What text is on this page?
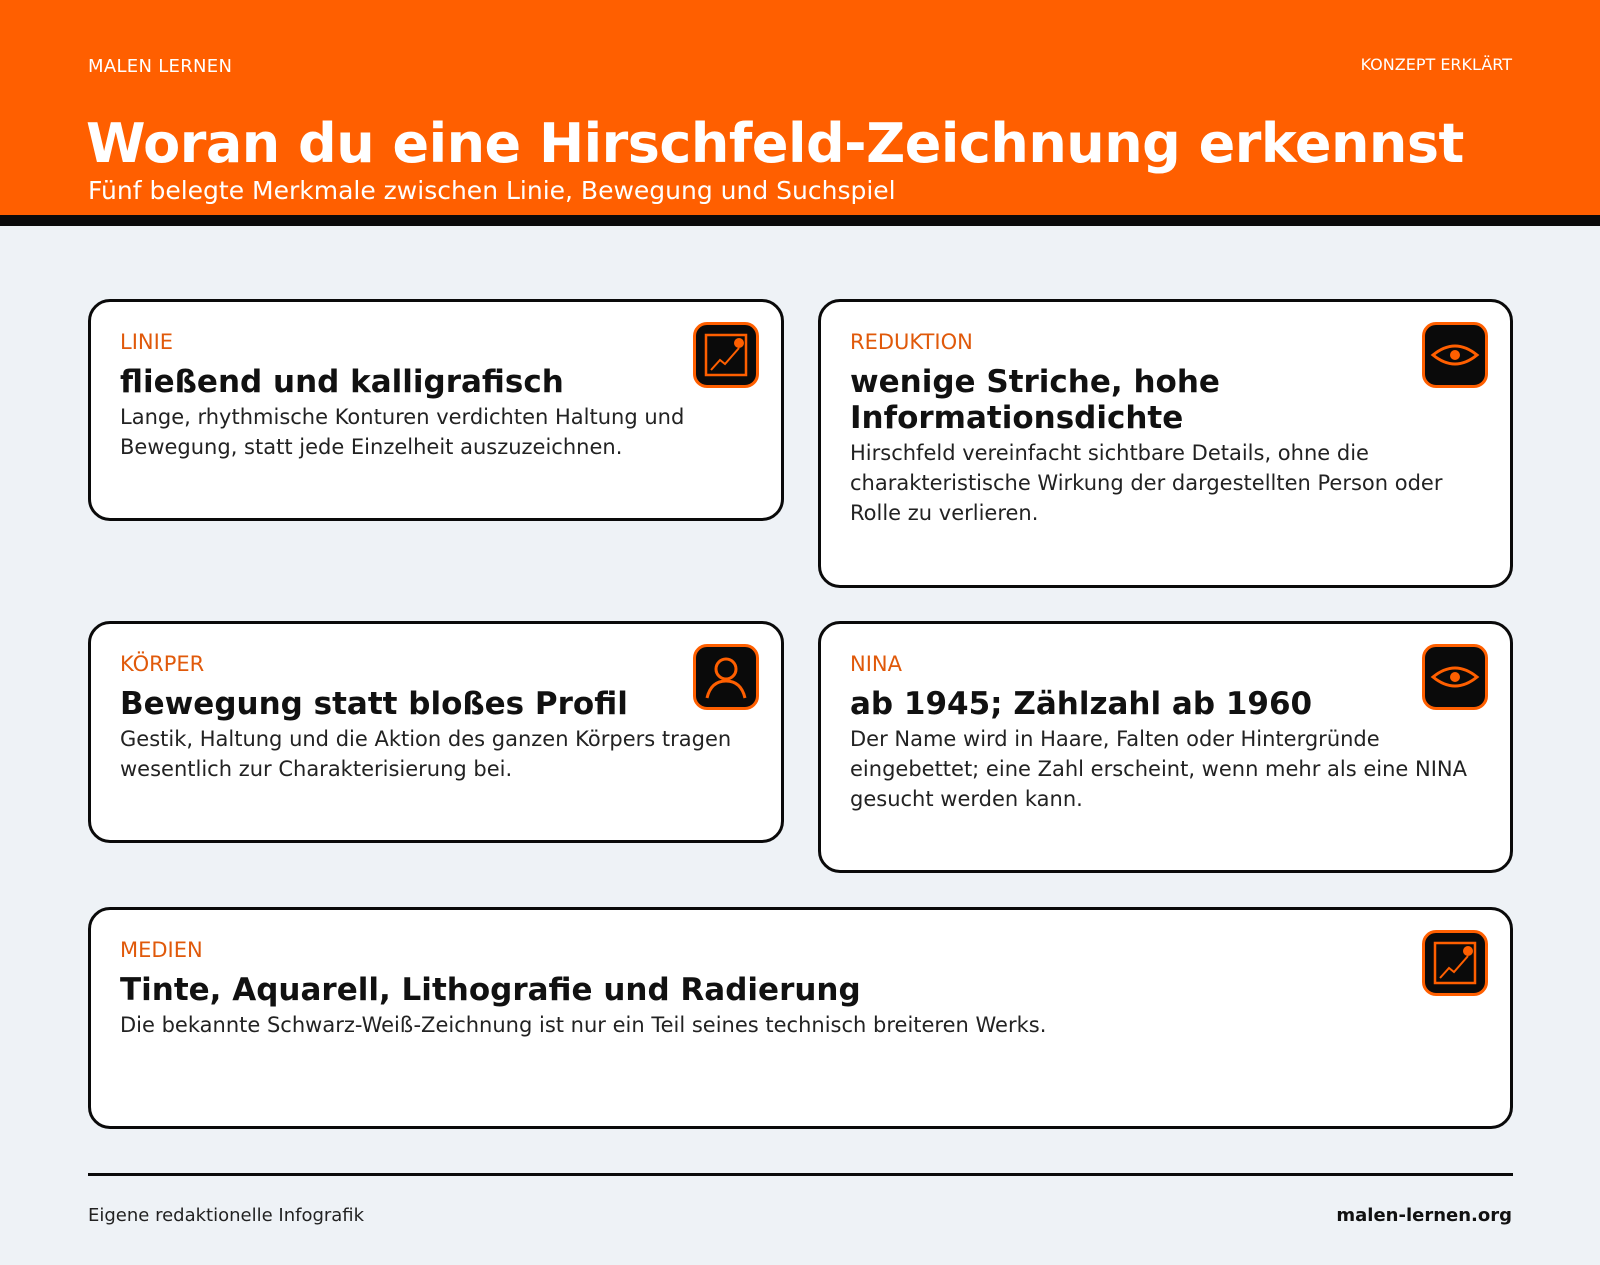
MALEN LERNEN	KONZEPT ERKLÄRT
Woran du eine Hirschfeld-Zeichnung erkennst
Fünf belegte Merkmale zwischen Linie, Bewegung und Suchspiel
LINIE
fließend und kalligrafisch
Lange, rhythmische Konturen verdichten Haltung und Bewegung, statt jede Einzelheit auszuzeichnen.
REDUKTION
wenige Striche, hohe Informationsdichte
Hirschfeld vereinfacht sichtbare Details, ohne die charakteristische Wirkung der dargestellten Person oder Rolle zu verlieren.
KÖRPER
Bewegung statt bloßes Profil
Gestik, Haltung und die Aktion des ganzen Körpers tragen wesentlich zur Charakterisierung bei.
NINA
ab 1945; Zählzahl ab 1960
Der Name wird in Haare, Falten oder Hintergründe eingebettet; eine Zahl erscheint, wenn mehr als eine NINA gesucht werden kann.
MEDIEN
Tinte, Aquarell, Lithografie und Radierung
Die bekannte Schwarz-Weiß-Zeichnung ist nur ein Teil seines technisch breiteren Werks.
Eigene redaktionelle Infografik	malen-lernen.org
